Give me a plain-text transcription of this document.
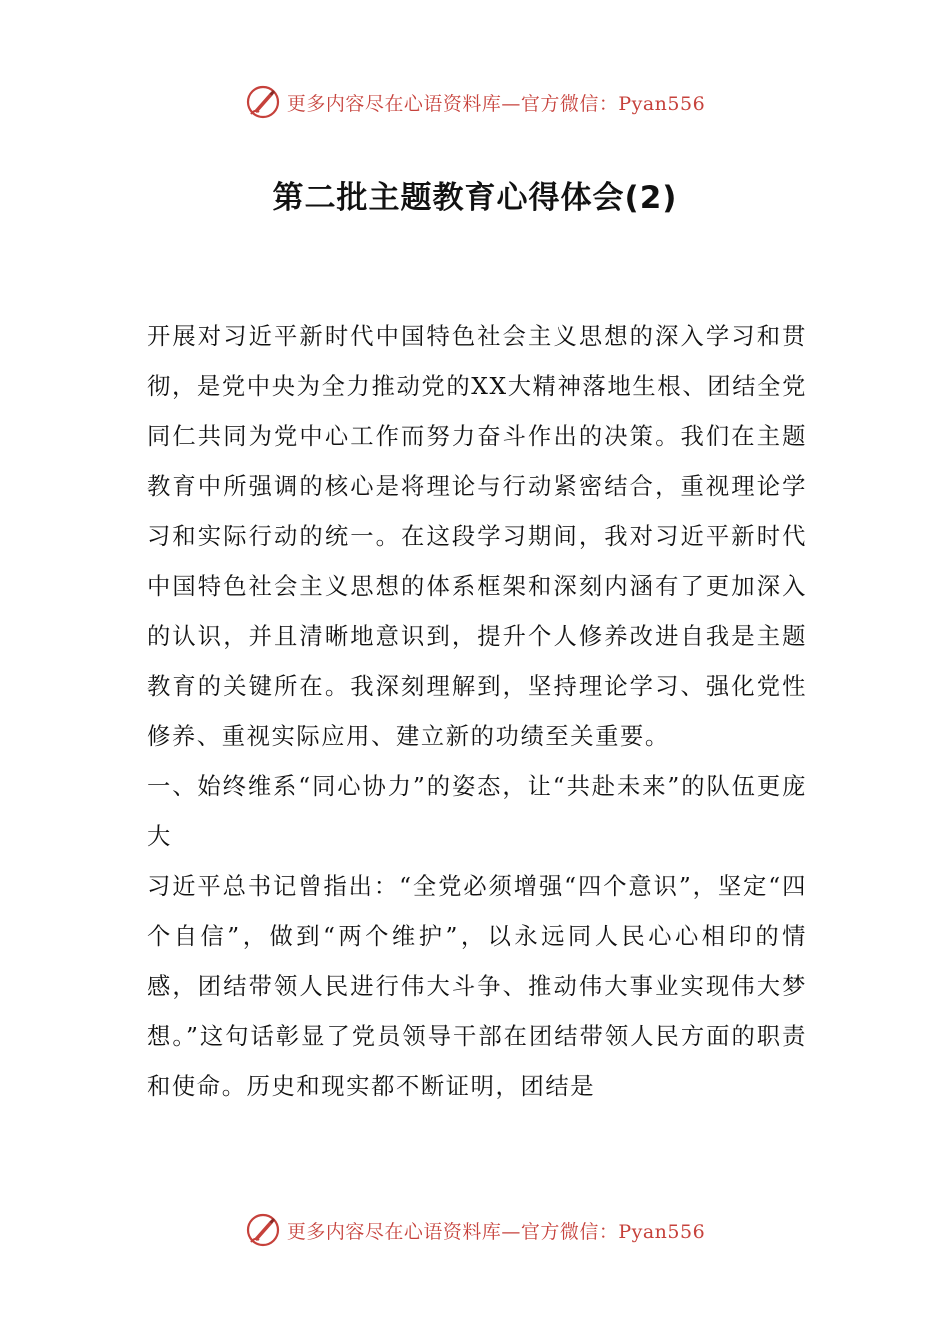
更多内容尽在心语资料库—官方微信：Pyan556
第二批主题教育心得体会(2)

开展对习近平新时代中国特色社会主义思想的深入学习和贯彻，是党中央为全力推动党的XX大精神落地生根、团结全党同仁共同为党中心工作而努力奋斗作出的决策。我们在主题教育中所强调的核心是将理论与行动紧密结合，重视理论学习和实际行动的统一。在这段学习期间，我对习近平新时代中国特色社会主义思想的体系框架和深刻内涵有了更加深入的认识，并且清晰地意识到，提升个人修养改进自我是主题教育的关键所在。我深刻理解到，坚持理论学习、强化党性修养、重视实际应用、建立新的功绩至关重要。

一、始终维系“同心协力”的姿态，让“共赴未来”的队伍更庞大

习近平总书记曾指出：“全党必须增强“四个意识”，坚定“四个自信”，做到“两个维护”，以永远同人民心心相印的情感，团结带领人民进行伟大斗争、推动伟大事业实现伟大梦想。”这句话彰显了党员领导干部在团结带领人民方面的职责和使命。历史和现实都不断证明，团结是

更多内容尽在心语资料库—官方微信：Pyan556
